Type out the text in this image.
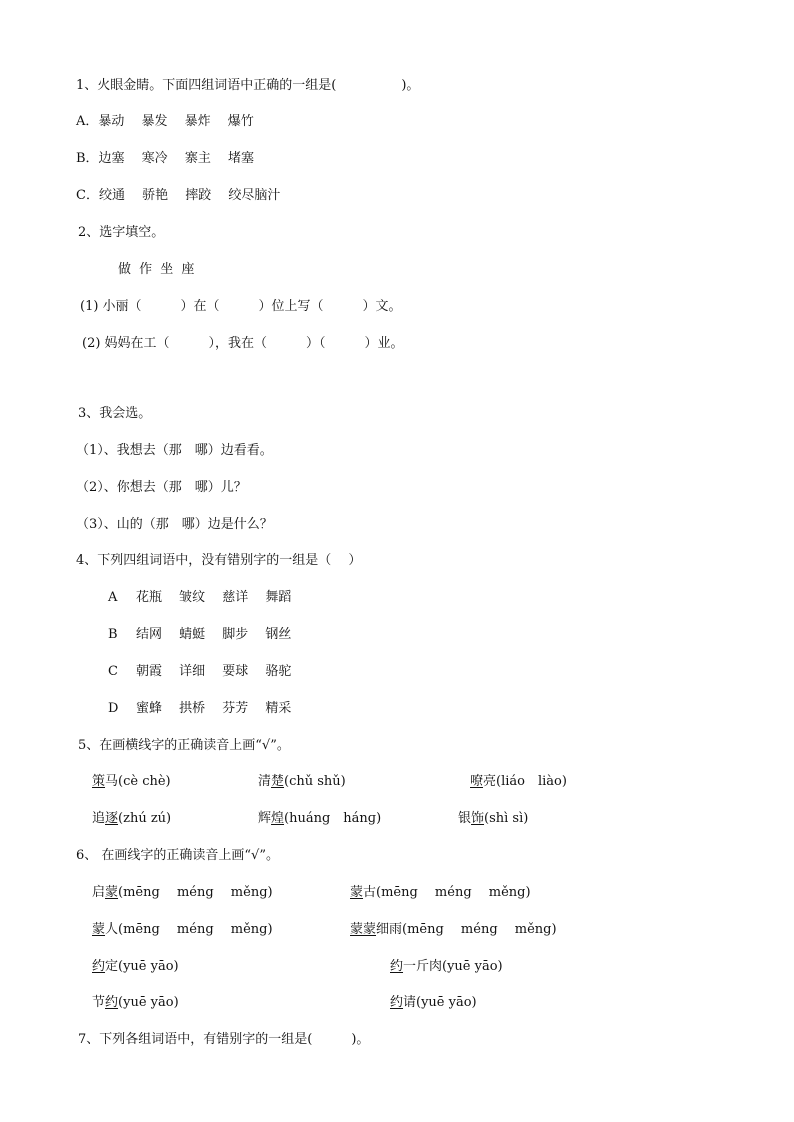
1、火眼金睛。下面四组词语中正确的一组是(　　　　　)。
A．暴动　 暴发　 暴炸　 爆竹
B．边塞　 寒冷　 寨主　 堵塞
C．绞通　 骄艳　 摔跤　 绞尽脑汁
2、选字填空。
做 作 坐 座
(1) 小丽（　　　）在（　　　）位上写（　　　）文。
(2) 妈妈在工（　　　），我在（　　　）（　　　）业。
3、我会选。
（1）、我想去（那　哪）边看看。
（2）、你想去（那　哪）儿？
（3）、山的（那　哪）边是什么？
4、下列四组词语中，没有错别字的一组是（　 ）
A 花瓶　 皱纹　 慈详　 舞蹈
B 结网　 蜻蜓　 脚步　 钢丝
C 朝霞　 详细　 要球　 骆驼
D 蜜蜂　 拱桥　 芬芳　 精采
5、在画横线字的正确读音上画“√”。
策马(cè chè)	清楚(chǔ shǔ)	嘹亮(liáo　liào)
追逐(zhú zú)	辉煌(huáng　hánɡ)	银饰(shì sì)
6、 在画线字的正确读音上画“√”。
启蒙(mēng　 méng　 měng)	蒙古(mēng　 méng　 měng)
蒙人(mēng　 méng　 měng)	蒙蒙细雨(mēng　 méng　 měng)
约定(yuē yāo)	约一斤肉(yuē yāo)
节约(yuē yāo)	约请(yuē yāo)
7、下列各组词语中，有错别字的一组是(　　　)。
